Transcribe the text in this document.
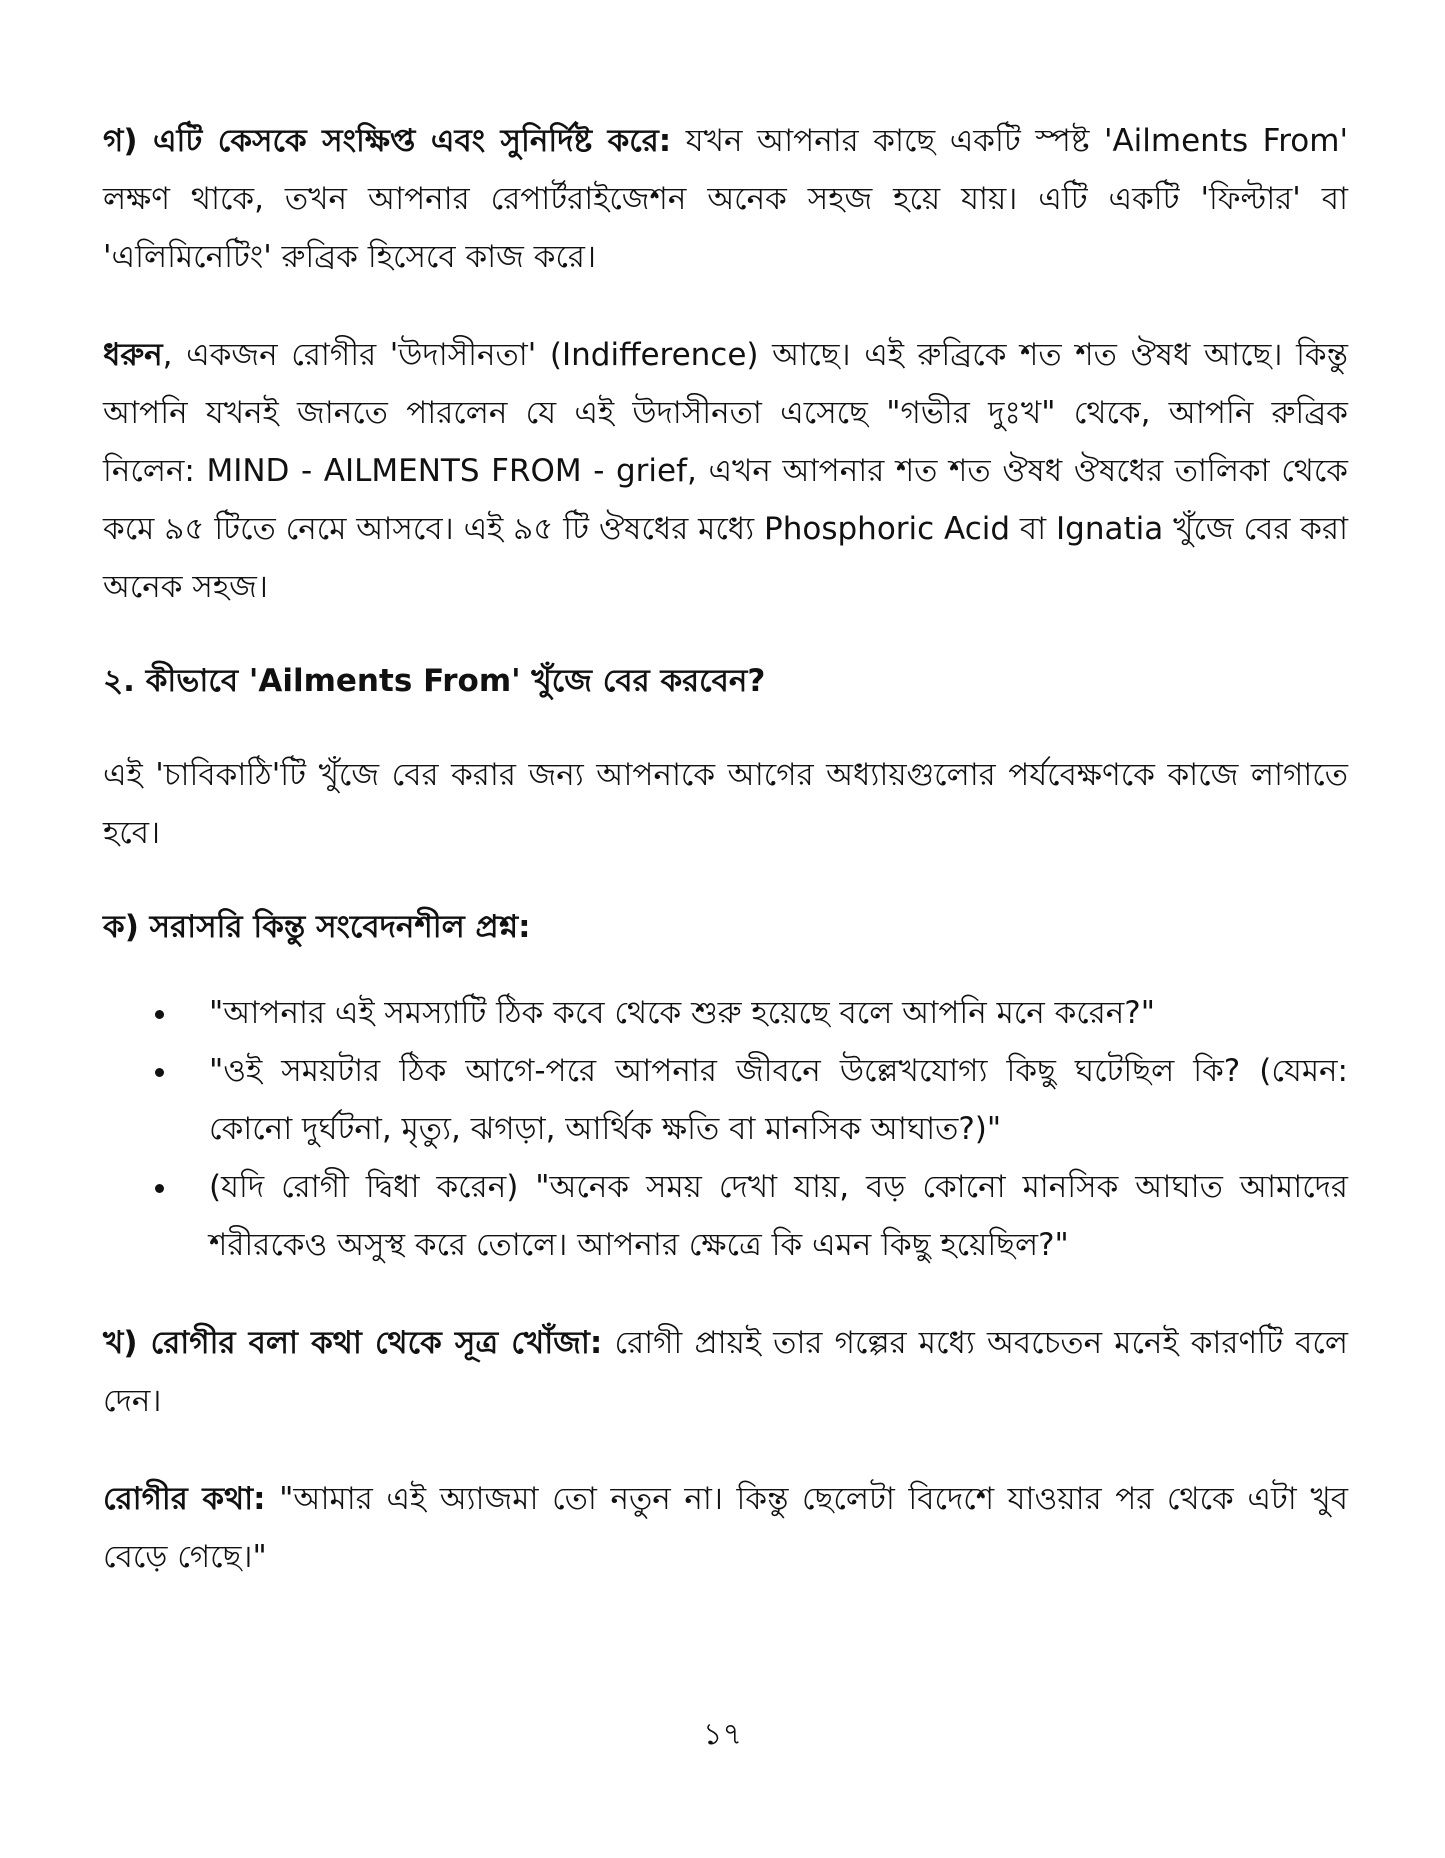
গ) এটি কেসকে সংক্ষিপ্ত এবং সুনির্দিষ্ট করে: যখন আপনার কাছে একটি স্পষ্ট 'Ailments From' লক্ষণ থাকে, তখন আপনার রেপার্টরাইজেশন অনেক সহজ হয়ে যায়। এটি একটি 'ফিল্টার' বা 'এলিমিনেটিং' রুব্রিক হিসেবে কাজ করে।

ধরুন, একজন রোগীর 'উদাসীনতা' (Indifference) আছে। এই রুব্রিকে শত শত ঔষধ আছে। কিন্তু আপনি যখনই জানতে পারলেন যে এই উদাসীনতা এসেছে "গভীর দুঃখ" থেকে, আপনি রুব্রিক নিলেন: MIND - AILMENTS FROM - grief, এখন আপনার শত শত ঔষধ ঔষধের তালিকা থেকে কমে ৯৫ টিতে নেমে আসবে। এই ৯৫ টি ঔষধের মধ্যে Phosphoric Acid বা Ignatia খুঁজে বের করা অনেক সহজ।

২. কীভাবে 'Ailments From' খুঁজে বের করবেন?

এই 'চাবিকাঠি'টি খুঁজে বের করার জন্য আপনাকে আগের অধ্যায়গুলোর পর্যবেক্ষণকে কাজে লাগাতে হবে।

ক) সরাসরি কিন্তু সংবেদনশীল প্রশ্ন:

"আপনার এই সমস্যাটি ঠিক কবে থেকে শুরু হয়েছে বলে আপনি মনে করেন?"
"ওই সময়টার ঠিক আগে-পরে আপনার জীবনে উল্লেখযোগ্য কিছু ঘটেছিল কি? (যেমন: কোনো দুর্ঘটনা, মৃত্যু, ঝগড়া, আর্থিক ক্ষতি বা মানসিক আঘাত?)"
(যদি রোগী দ্বিধা করেন) "অনেক সময় দেখা যায়, বড় কোনো মানসিক আঘাত আমাদের শরীরকেও অসুস্থ করে তোলে। আপনার ক্ষেত্রে কি এমন কিছু হয়েছিল?"

খ) রোগীর বলা কথা থেকে সূত্র খোঁজা: রোগী প্রায়ই তার গল্পের মধ্যে অবচেতন মনেই কারণটি বলে দেন।

রোগীর কথা: "আমার এই অ্যাজমা তো নতুন না। কিন্তু ছেলেটা বিদেশে যাওয়ার পর থেকে এটা খুব বেড়ে গেছে।"

১৭
